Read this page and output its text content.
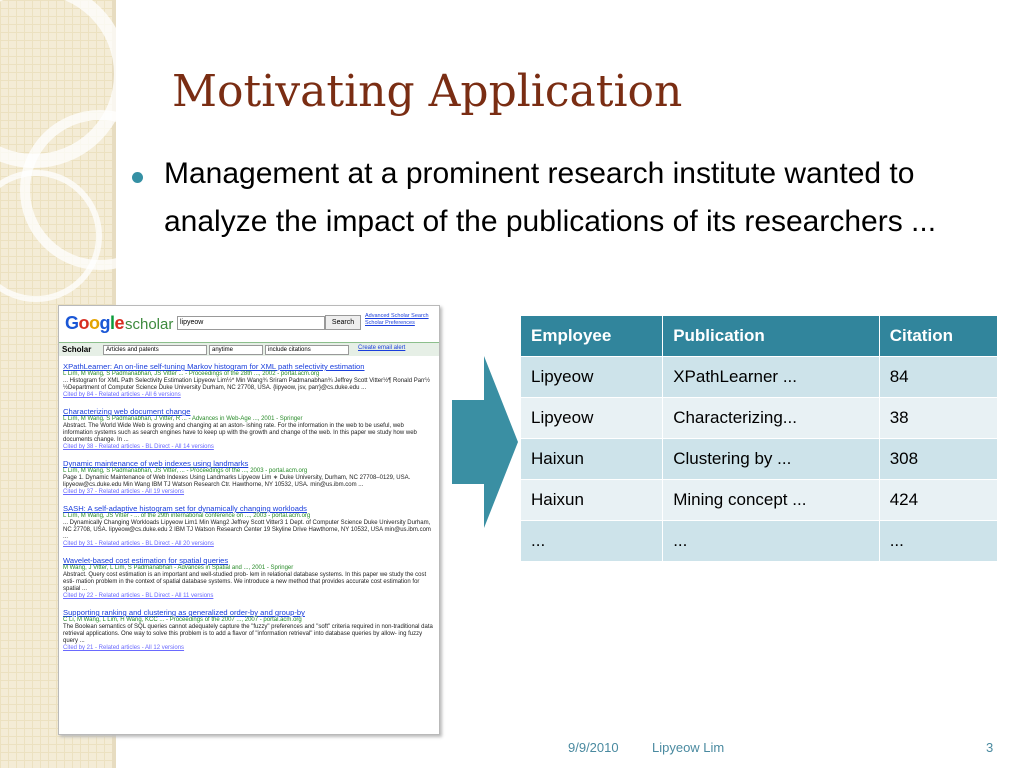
Motivating Application
Management at a prominent research institute wanted to analyze the impact of the publications of its researchers ...
Google scholar lipyeow	Search
Advanced Scholar Search
Scholar Preferences
Scholar	Articles and patents	anytime	include citations	Create email alert
XPathLearner: An on-line self-tuning Markov histogram for XML path selectivity estimation
L Lim, M Wang, S Padmanabhan, JS Vitter ... - Proceedings of the 28th ..., 2002 - portal.acm.org
... Histogram for XML Path Selectivity Estimation Lipyeow Lim½* Min Wang¾ Sriram Padmanabhan¾ Jeffrey Scott Vitter½¶ Ronald Parr½ ½Department of Computer Science Duke University Durham, NC 27708, USA. {lipyeow, jsv, parr}@cs.duke.edu ...
Cited by 84 - Related articles - All 6 versions
Characterizing web document change
L Lim, M Wang, S Padmanabhan, J Vitter, R ... - Advances in Web-Age ..., 2001 - Springer
Abstract. The World Wide Web is growing and changing at an aston- ishing rate. For the information in the web to be useful, web information systems such as search engines have to keep up with the growth and change of the web. In this paper we study how web documents change. In ...
Cited by 38 - Related articles - BL Direct - All 14 versions
Dynamic maintenance of web indexes using landmarks
L Lim, M Wang, S Padmanabhan, JS Vitter, ... - Proceedings of the ..., 2003 - portal.acm.org
Page 1. Dynamic Maintenance of Web Indexes Using Landmarks Lipyeow Lim ∗ Duke University, Durham, NC 27708–0129, USA. lipyeow@cs.duke.edu Min Wang IBM TJ Watson Research Ctr. Hawthorne, NY 10532, USA. min@us.ibm.com ...
Cited by 37 - Related articles - All 19 versions
SASH: A self-adaptive histogram set for dynamically changing workloads
L Lim, M Wang, JS Vitter - ... of the 29th international conference on ..., 2003 - portal.acm.org
... Dynamically Changing Workloads Lipyeow Lim1 Min Wang2 Jeffrey Scott Vitter3 1 Dept. of Computer Science Duke University Durham, NC 27708, USA. lipyeow@cs.duke.edu 2 IBM TJ Watson Research Center 19 Skyline Drive Hawthorne, NY 10532, USA min@us.ibm.com ...
Cited by 31 - Related articles - BL Direct - All 20 versions
Wavelet-based cost estimation for spatial queries
M Wang, J Vitter, L Lim, S Padmanabhan - Advances in Spatial and ..., 2001 - Springer
Abstract. Query cost estimation is an important and well-studied prob- lem in relational database systems. In this paper we study the cost esti- mation problem in the context of spatial database systems. We introduce a new method that provides accurate cost estimation for spatial ...
Cited by 22 - Related articles - BL Direct - All 11 versions
Supporting ranking and clustering as generalized order-by and group-by
C Li, M Wang, L Lim, H Wang, KCC ... - Proceedings of the 2007 ..., 2007 - portal.acm.org
The Boolean semantics of SQL queries cannot adequately capture the "fuzzy" preferences and "soft" criteria required in non-traditional data retrieval applications. One way to solve this problem is to add a flavor of "information retrieval" into database queries by allow- ing fuzzy query ...
Cited by 21 - Related articles - All 12 versions
Employee	Publication	Citation
Lipyeow	XPathLearner ...	84
Lipyeow	Characterizing...	38
Haixun	Clustering by ...	308
Haixun	Mining concept ...	424
...	...	...
9/9/2010	Lipyeow Lim	3
